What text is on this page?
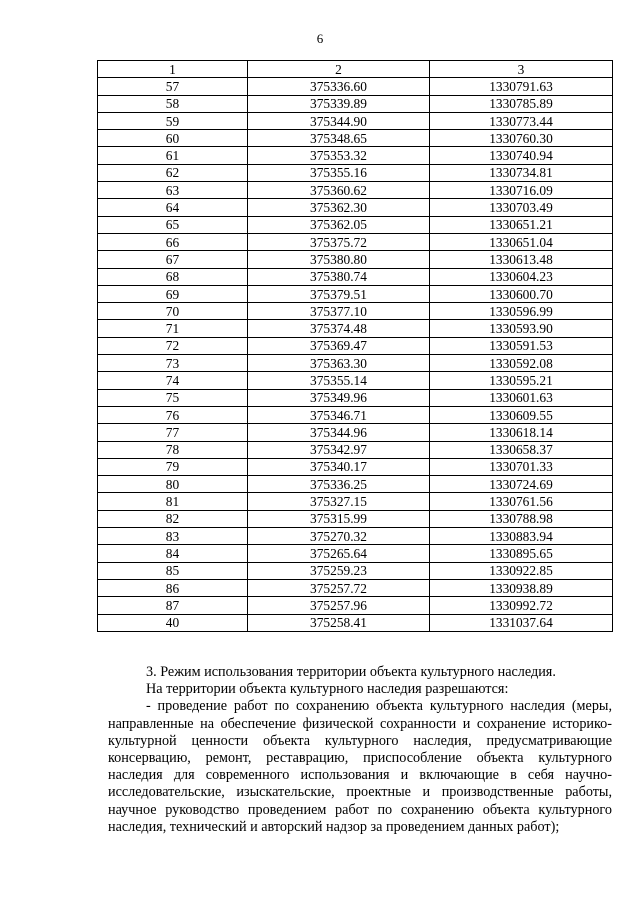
6
1	2	3
57	375336.60	1330791.63
58	375339.89	1330785.89
59	375344.90	1330773.44
60	375348.65	1330760.30
61	375353.32	1330740.94
62	375355.16	1330734.81
63	375360.62	1330716.09
64	375362.30	1330703.49
65	375362.05	1330651.21
66	375375.72	1330651.04
67	375380.80	1330613.48
68	375380.74	1330604.23
69	375379.51	1330600.70
70	375377.10	1330596.99
71	375374.48	1330593.90
72	375369.47	1330591.53
73	375363.30	1330592.08
74	375355.14	1330595.21
75	375349.96	1330601.63
76	375346.71	1330609.55
77	375344.96	1330618.14
78	375342.97	1330658.37
79	375340.17	1330701.33
80	375336.25	1330724.69
81	375327.15	1330761.56
82	375315.99	1330788.98
83	375270.32	1330883.94
84	375265.64	1330895.65
85	375259.23	1330922.85
86	375257.72	1330938.89
87	375257.96	1330992.72
40	375258.41	1331037.64

3. Режим использования территории объекта культурного наследия.

На территории объекта культурного наследия разрешаются:

- проведение работ по сохранению объекта культурного наследия (меры, направленные на обеспечение физической сохранности и сохранение историко-культурной ценности объекта культурного наследия, предусматривающие консервацию, ремонт, реставрацию, приспособление объекта культурного наследия для современного использования и включающие в себя научно-исследовательские, изыскательские, проектные и производственные работы, научное руководство проведением работ по сохранению объекта культурного наследия, технический и авторский надзор за проведением данных работ);
